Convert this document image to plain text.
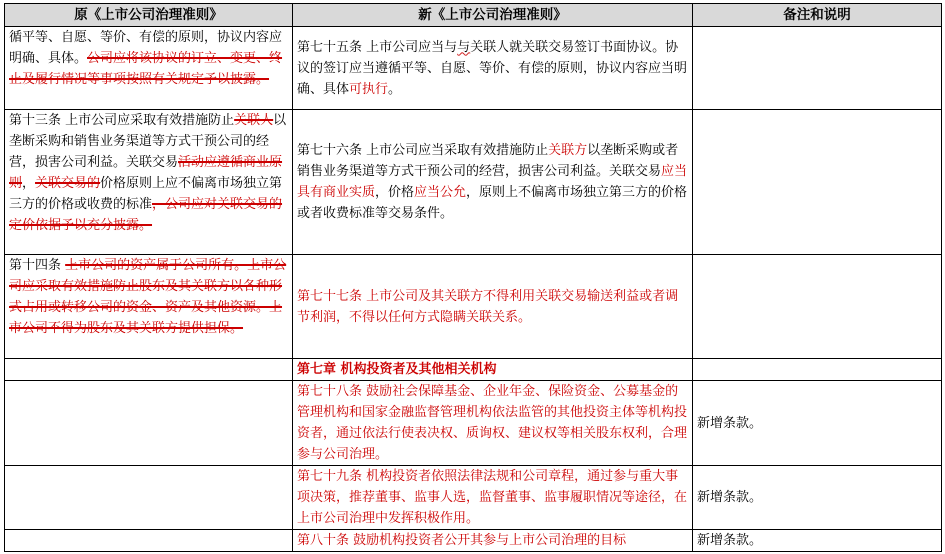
原《上市公司治理准则》	新《上市公司治理准则》	备注和说明
循平等、自愿、等价、有偿的原则，协议内容应明确、具体。公司应将该协议的订立、变更、终止及履行情况等事项按照有关规定予以披露。	第七十五条 上市公司应当与与关联人就关联交易签订书面协议。协议的签订应当遵循平等、自愿、等价、有偿的原则，协议内容应当明确、具体可执行。	
第十三条 上市公司应采取有效措施防止关联人以垄断采购和销售业务渠道等方式干预公司的经营，损害公司利益。关联交易活动应遵循商业原则，关联交易的价格原则上应不偏离市场独立第三方的价格或收费的标准，公司应对关联交易的定价依据予以充分披露。	第七十六条 上市公司应当采取有效措施防止关联方以垄断采购或者销售业务渠道等方式干预公司的经营，损害公司利益。关联交易应当具有商业实质，价格应当公允，原则上不偏离市场独立第三方的价格或者收费标准等交易条件。	
第十四条 上市公司的资产属于公司所有。上市公司应采取有效措施防止股东及其关联方以各种形式占用或转移公司的资金、资产及其他资源。上市公司不得为股东及其关联方提供担保。	第七十七条 上市公司及其关联方不得利用关联交易输送利益或者调节利润，不得以任何方式隐瞒关联关系。	
	第七章 机构投资者及其他相关机构	
	第七十八条 鼓励社会保障基金、企业年金、保险资金、公募基金的管理机构和国家金融监督管理机构依法监管的其他投资主体等机构投资者，通过依法行使表决权、质询权、建议权等相关股东权利，合理参与公司治理。	新增条款。
	第七十九条 机构投资者依照法律法规和公司章程，通过参与重大事项决策，推荐董事、监事人选，监督董事、监事履职情况等途径，在上市公司治理中发挥积极作用。	新增条款。
	第八十条 鼓励机构投资者公开其参与上市公司治理的目标	新增条款。
